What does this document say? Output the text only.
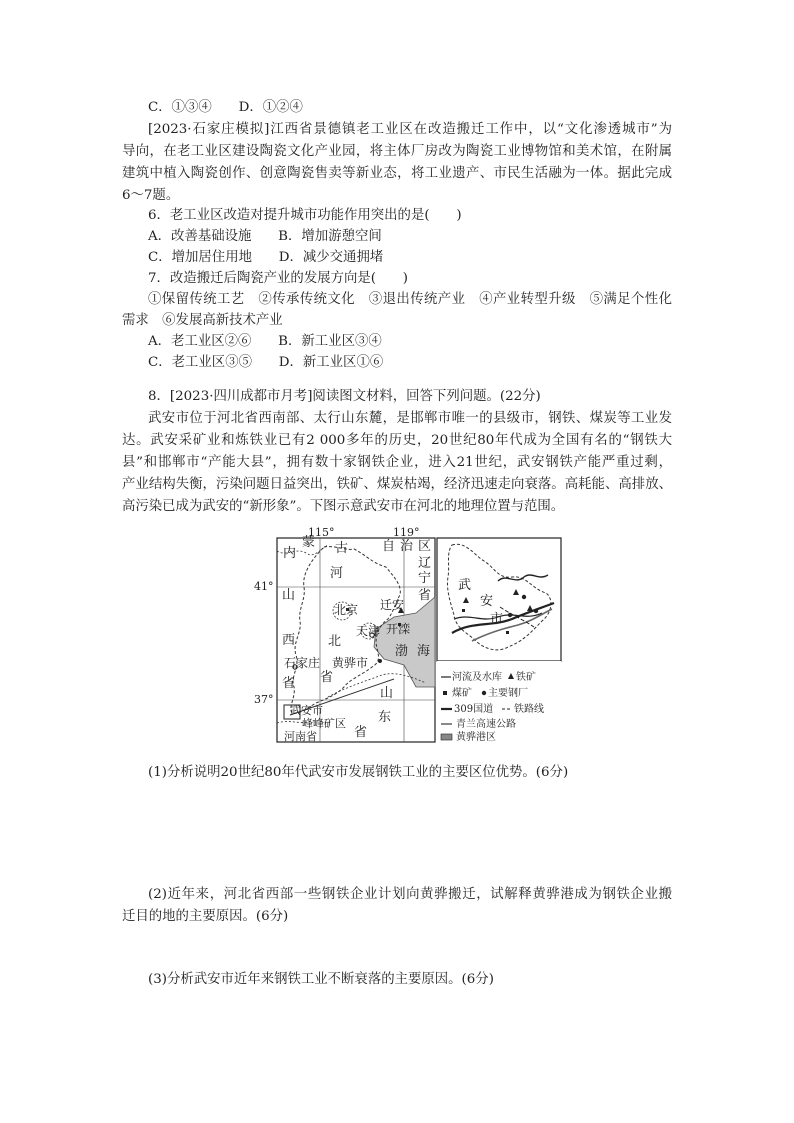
C．①③④　　D．①②④
[2023·石家庄模拟]江西省景德镇老工业区在改造搬迁工作中，以“文化渗透城市”为
导向，在老工业区建设陶瓷文化产业园，将主体厂房改为陶瓷工业博物馆和美术馆，在附属
建筑中植入陶瓷创作、创意陶瓷售卖等新业态，将工业遗产、市民生活融为一体。据此完成
6～7题。
6．老工业区改造对提升城市功能作用突出的是(　　)
A．改善基础设施　　B．增加游憩空间
C．增加居住用地　　D．减少交通拥堵
7．改造搬迁后陶瓷产业的发展方向是(　　)
①保留传统工艺　②传承传统文化　③退出传统产业　④产业转型升级　⑤满足个性化
需求　⑥发展高新技术产业
A．老工业区②⑥　　B．新工业区③④
C．老工业区③⑤　　D．新工业区①⑥
8．[2023·四川成都市月考]阅读图文材料，回答下列问题。(22分)
武安市位于河北省西南部、太行山东麓，是邯郸市唯一的县级市，钢铁、煤炭等工业发
达。武安采矿业和炼铁业已有2 000多年的历史，20世纪80年代成为全国有名的“钢铁大
县”和邯郸市“产能大县”，拥有数十家钢铁企业，进入21世纪，武安钢铁产能严重过剩，
产业结构失衡，污染问题日益突出，铁矿、煤炭枯竭，经济迅速走向衰落。高耗能、高排放、
高污染已成为武安的“新形象”。下图示意武安市在河北的地理位置与范围。
115°	119°
内
蒙 古	自 治 区
辽
宁
省
河
山
西
省
北京 迁安
天津 开滦
北
渤 海
石家庄 黄骅市
省
山
东
省
武安市
峰峰矿区
河南省
武
安
市
河流及水库 铁矿
煤矿 主要钢厂
309国道 铁路线
青兰高速公路
黄骅港区
41°
37°
(1)分析说明20世纪80年代武安市发展钢铁工业的主要区位优势。(6分)
(2)近年来，河北省西部一些钢铁企业计划向黄骅搬迁，试解释黄骅港成为钢铁企业搬
迁目的地的主要原因。(6分)
(3)分析武安市近年来钢铁工业不断衰落的主要原因。(6分)
